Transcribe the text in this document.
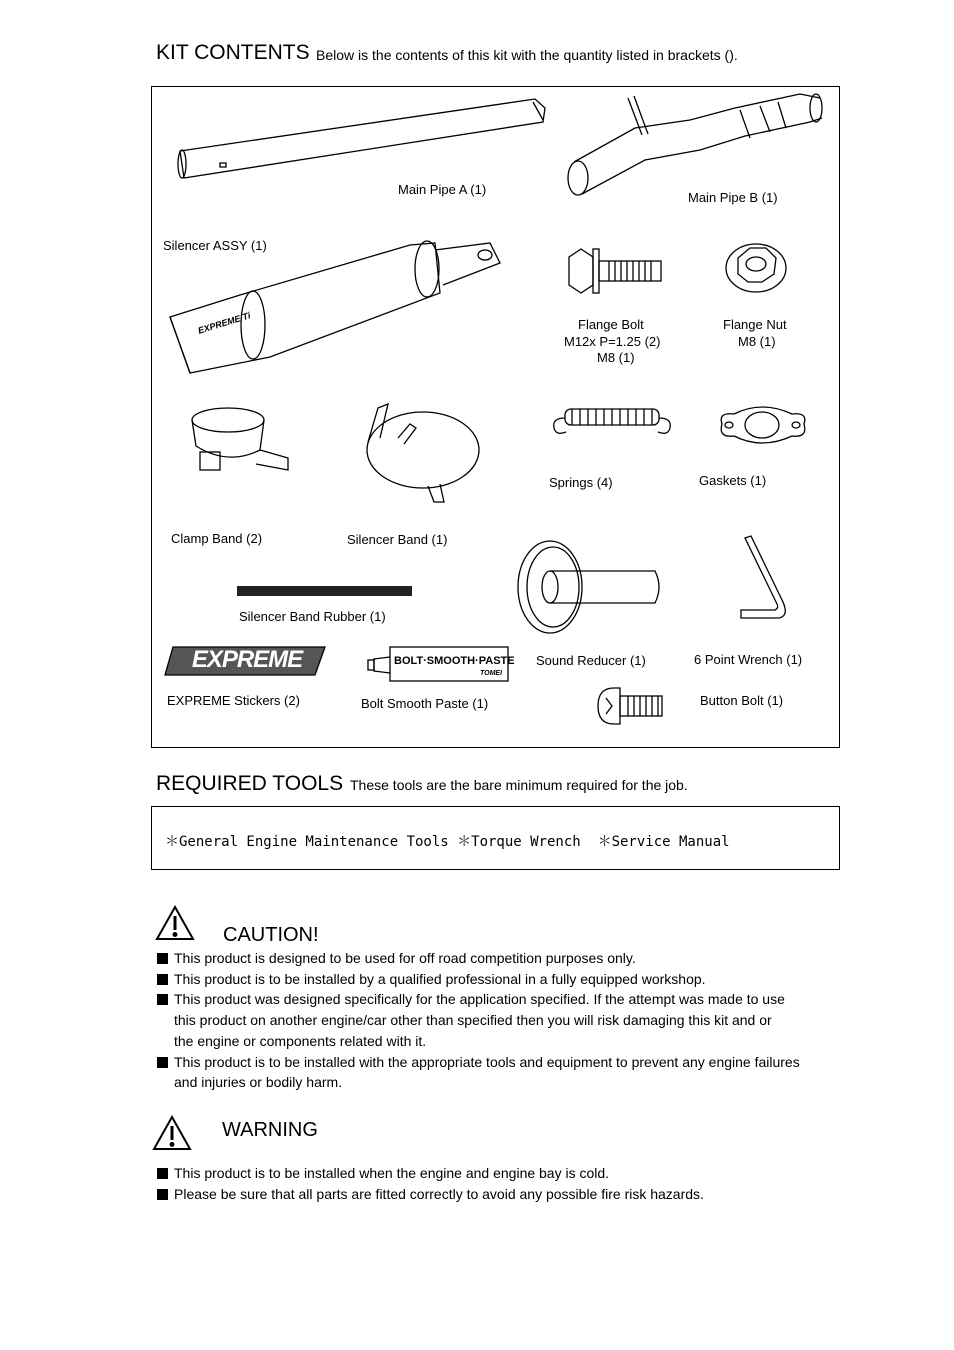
KIT CONTENTS Below is the contents of this kit with the quantity listed in brackets ().
Main Pipe A (1)
Main Pipe B (1)
Silencer ASSY (1)
EXPREME Ti	Flange Bolt
M12x P=1.25 (2)
M8 (1)
Flange Nut
M8 (1)
Springs (4)	Gaskets (1)
Clamp Band (2)	Silencer Band (1)
Silencer Band Rubber (1)
Sound Reducer (1)	6 Point Wrench (1)
EXPREME
EXPREME Stickers (2)
BOLT·SMOOTH·PASTE
TOMEI
Bolt Smooth Paste (1)	Button Bolt (1)
REQUIRED TOOLS These tools are the bare minimum required for the job.
＊General Engine Maintenance Tools ＊Torque Wrench  ＊Service Manual
CAUTION!
This product is designed to be used for off road competition purposes only.
This product is to be installed by a qualified professional in a fully equipped workshop.
This product was designed specifically for the application specified. If the attempt was made to use
this product on another engine/car other than specified then you will risk damaging this kit and or
the engine or components related with it.
This product is to be installed with the appropriate tools and equipment to prevent any engine failures
and injuries or bodily harm.
WARNING
This product is to be installed when the engine and engine bay is cold.
Please be sure that all parts are fitted correctly to avoid any possible fire risk hazards.
